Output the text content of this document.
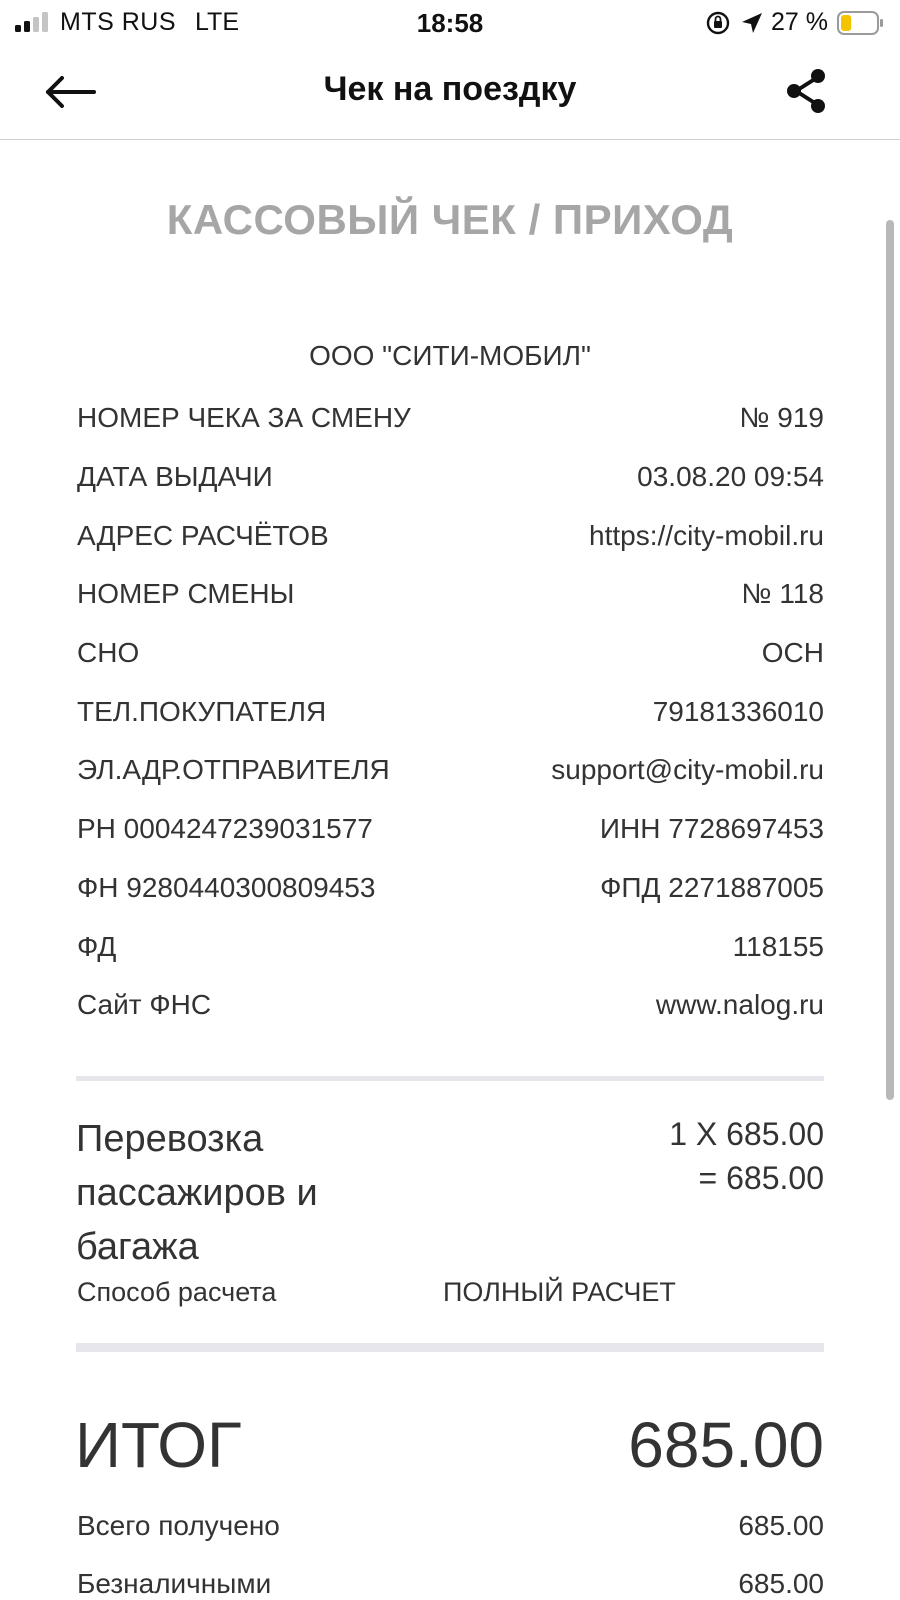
MTS RUS LTE	18:58	27 %
Чек на поездку
КАССОВЫЙ ЧЕК / ПРИХОД
ООО "СИТИ-МОБИЛ"
НОМЕР ЧЕКА ЗА СМЕНУ	№ 919
ДАТА ВЫДАЧИ	03.08.20 09:54
АДРЕС РАСЧЁТОВ	https://city-mobil.ru
НОМЕР СМЕНЫ	№ 118
СНО	ОСН
ТЕЛ.ПОКУПАТЕЛЯ	79181336010
ЭЛ.АДР.ОТПРАВИТЕЛЯ	support@city-mobil.ru
РН 0004247239031577	ИНН 7728697453
ФН 9280440300809453	ФПД 2271887005
ФД	118155
Сайт ФНС	www.nalog.ru
Перевозка пассажиров и багажа
1 X 685.00
= 685.00
Способ расчета	ПОЛНЫЙ РАСЧЕТ
ИТОГ	685.00
Всего получено	685.00
Безналичными	685.00
